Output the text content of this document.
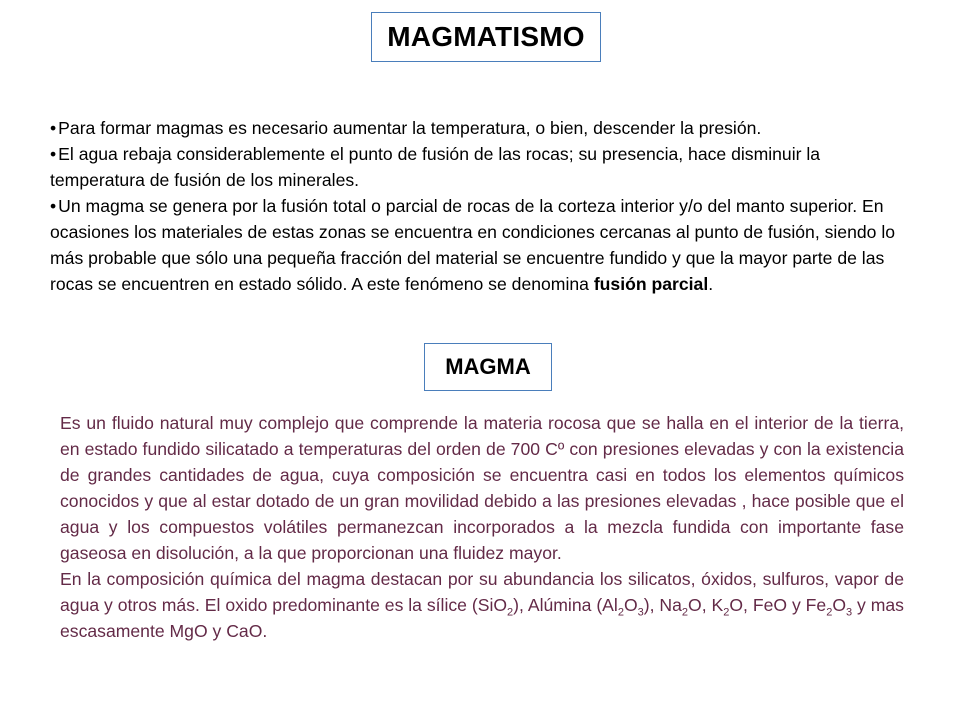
MAGMATISMO

• Para formar magmas es necesario aumentar la temperatura, o bien, descender la presión.

• El agua rebaja considerablemente el punto de fusión de las rocas; su presencia, hace disminuir la temperatura de fusión de los minerales.

• Un magma se genera por la fusión total o parcial de rocas de la corteza interior y/o del manto superior. En ocasiones los materiales de estas zonas se encuentra en condiciones cercanas al punto de fusión, siendo lo más probable que sólo una pequeña fracción del material se encuentre fundido y que la mayor parte de las rocas se encuentren en estado sólido. A este fenómeno se denomina fusión parcial.

MAGMA

Es un fluido natural muy complejo que comprende la materia rocosa que se halla en el interior de la tierra, en estado fundido silicatado a temperaturas del orden de 700 Cº con presiones elevadas y con la existencia de grandes cantidades de agua, cuya composición se encuentra casi en todos los elementos químicos conocidos y que al estar dotado de un gran movilidad debido a las presiones elevadas , hace posible que el agua y los compuestos volátiles permanezcan incorporados a la mezcla fundida con importante fase gaseosa en disolución, a la que proporcionan una fluidez mayor.

En la composición química del magma destacan por su abundancia los silicatos, óxidos, sulfuros, vapor de agua y otros más. El oxido predominante es la sílice (SiO$_2$), Alúmina $(Al_2O_3)$, $Na_2O$, $K_2O$, FeO y $Fe_2O_3$ y mas escasamente MgO y CaO.
